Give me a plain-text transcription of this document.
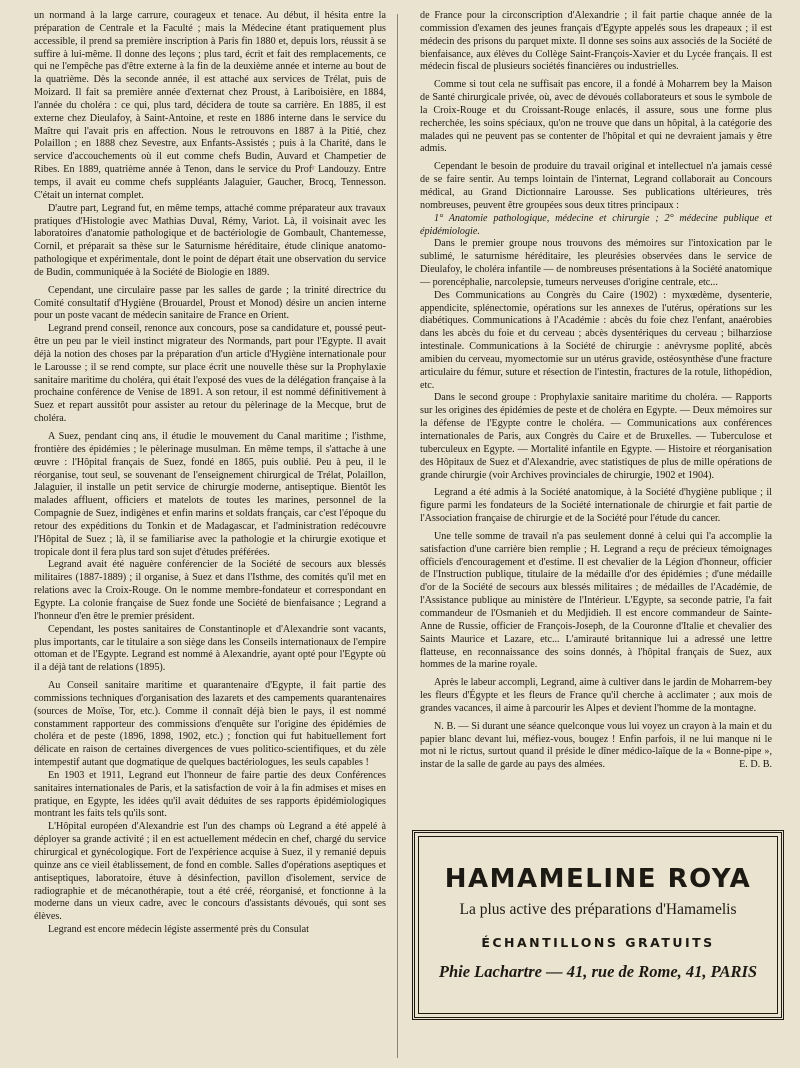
un normand à la large carrure, courageux et tenace. Au début, il hésita entre la préparation de Centrale et la Faculté ; mais la Médecine étant pratiquement plus accessible, il prend sa première inscription à Paris fin 1880 et, depuis lors, réussit à se suffire à lui-même. Il donne des leçons ; plus tard, écrit et fait des remplacements, ce qui ne l'empêche pas d'être externe à la fin de la deuxième année et interne au bout de la quatrième. Dès la seconde année, il est attaché aux services de Trélat, puis de Moizard. Il fait sa première année d'externat chez Proust, à Lariboisière, en 1884, l'année du choléra : ce qui, plus tard, décidera de toute sa carrière. En 1885, il est externe chez Dieulafoy, à Saint-Antoine, et reste en 1886 interne dans le service du Maître qui l'avait pris en affection. Nous le retrouvons en 1887 à la Pitié, chez Polaillon ; en 1888 chez Sevestre, aux Enfants-Assistés ; puis à la Charité, dans le service d'accouchements où il eut comme chefs Budin, Auvard et Champetier de Ribes. En 1889, quatrième année à Tenon, dans le service du Profʳ Landouzy. Entre temps, il avait eu comme chefs suppléants Jalaguier, Gaucher, Brocq, Tennesson. C'était un internat complet.

D'autre part, Legrand fut, en même temps, attaché comme préparateur aux travaux pratiques d'Histologie avec Mathias Duval, Rémy, Variot. Là, il voisinait avec les laboratoires d'anatomie pathologique et de bactériologie de Gombault, Chantemesse, Cornil, et préparait sa thèse sur le Saturnisme héréditaire, étude clinique anatomo-pathologique et expérimentale, dont le point de départ était une observation du service de Budin, communiquée à la Société de Biologie en 1889.

Cependant, une circulaire passe par les salles de garde ; la trinité directrice du Comité consultatif d'Hygiène (Brouardel, Proust et Monod) désire un ancien interne pour un poste vacant de médecin sanitaire de France en Orient.

Legrand prend conseil, renonce aux concours, pose sa candidature et, poussé peut-être un peu par le vieil instinct migrateur des Normands, part pour l'Egypte. Il avait déjà la notion des choses par la préparation d'un article d'Hygiène internationale pour le Larousse ; il se rend compte, sur place écrit une nouvelle thèse sur la Prophylaxie sanitaire maritime du choléra, qui était l'exposé des vues de la délégation française à la prochaine conférence de Venise de 1891. A son retour, il est nommé définitivement à Suez et repart aussitôt pour assister au retour du pèlerinage de la Mecque, brut de choléra.

A Suez, pendant cinq ans, il étudie le mouvement du Canal maritime ; l'isthme, frontière des épidémies ; le pèlerinage musulman. En même temps, il s'attache à une œuvre : l'Hôpital français de Suez, fondé en 1865, puis oublié. Peu à peu, il le réorganise, tout seul, se souvenant de l'enseignement chirurgical de Trélat, Polaillon, Jalaguier, il installe un petit service de chirurgie moderne, antiseptique. Bientôt les malades affluent, officiers et matelots de toutes les marines, personnel de la Compagnie de Suez, indigènes et enfin marins et soldats français, car c'est l'époque du retour des expéditions du Tonkin et de Madagascar, et l'administration redécouvre l'Hôpital de Suez ; là, il se familiarise avec la pathologie et la chirurgie exotique et tropicale dont il fera plus tard son sujet d'études préférées.

Legrand avait été naguère conférencier de la Société de secours aux blessés militaires (1887-1889) ; il organise, à Suez et dans l'Isthme, des comités qu'il met en relations avec la Croix-Rouge. On le nomme membre-fondateur et correspondant en Egypte. La colonie française de Suez fonde une Société de bienfaisance ; Legrand a l'honneur d'en être le premier président.

Cependant, les postes sanitaires de Constantinople et d'Alexandrie sont vacants, plus importants, car le titulaire a son siège dans les Conseils internationaux de l'empire ottoman et de l'Egypte. Legrand est nommé à Alexandrie, ayant opté pour l'Egypte où il a déjà tant de relations (1895).

Au Conseil sanitaire maritime et quarantenaire d'Egypte, il fait partie des commissions techniques d'organisation des lazarets et des campements quarantenaires (sources de Moïse, Tor, etc.). Comme il connaît déjà bien le pays, il est nommé constamment rapporteur des commissions d'enquête sur l'origine des épidémies de choléra et de peste (1896, 1898, 1902, etc.) ; fonction qui fut habituellement fort délicate en raison de certaines divergences de vues politico-scientifiques, et du zèle intempestif autant que dogmatique de quelques bactériologues, les seuls capables !

En 1903 et 1911, Legrand eut l'honneur de faire partie des deux Conférences sanitaires internationales de Paris, et la satisfaction de voir à la fin admises et mises en pratique, en Egypte, les idées qu'il avait déduites de ses rapports épidémiologiques montrant les faits tels qu'ils sont.

L'Hôpital européen d'Alexandrie est l'un des champs où Legrand a été appelé à déployer sa grande activité ; il en est actuellement médecin en chef, chargé du service chirurgical et gynécologique. Fort de l'expérience acquise à Suez, il y remanié depuis quinze ans ce vieil établissement, de fond en comble. Salles d'opérations aseptiques et antiseptiques, laboratoire, étuve à désinfection, pavillon d'isolement, service de radiographie et de mécanothérapie, tout a été créé, réorganisé, et fonctionne à la moderne dans un vieux cadre, avec le concours d'assistants dévoués, qui sont ses élèves.

Legrand est encore médecin légiste assermenté près du Consulat

de France pour la circonscription d'Alexandrie ; il fait partie chaque année de la commission d'examen des jeunes français d'Egypte appelés sous les drapeaux ; il est médecin des prisons du parquet mixte. Il donne ses soins aux associés de la Société de bienfaisance, aux élèves du Collège Saint-François-Xavier et du Lycée français. Il est médecin fiscal de plusieurs sociétés financières ou industrielles.

Comme si tout cela ne suffisait pas encore, il a fondé à Moharrem bey la Maison de Santé chirurgicale privée, où, avec de dévoués collaborateurs et sous le symbole de la Croix-Rouge et du Croissant-Rouge enlacés, il assure, sous une forme plus recherchée, les soins spéciaux, qu'on ne trouve que dans un hôpital, à la catégorie des malades qui ne peuvent pas se contenter de l'hôpital et qui ne devraient jamais y être admis.

Cependant le besoin de produire du travail original et intellectuel n'a jamais cessé de se faire sentir. Au temps lointain de l'internat, Legrand collaborait au Concours médical, au Grand Dictionnaire Larousse. Ses publications ultérieures, très nombreuses, peuvent être groupées sous deux titres principaux :

1° Anatomie pathologique, médecine et chirurgie ; 2° médecine publique et épidémiologie.

Dans le premier groupe nous trouvons des mémoires sur l'intoxication par le sublimé, le saturnisme héréditaire, les pleurésies observées dans le service de Dieulafoy, le choléra infantile — de nombreuses présentations à la Société anatomique — porencéphalie, narcolepsie, tumeurs nerveuses d'origine centrale, etc...

Des Communications au Congrès du Caire (1902) : myxœdème, dysenterie, appendicite, splénectomie, opérations sur les annexes de l'utérus, opérations sur les diabétiques. Communications à l'Académie : abcès du foie chez l'enfant, anaérobies dans les abcès du foie et du cerveau ; abcès dysentériques du cerveau ; bilharziose intestinale. Communications à la Société de chirurgie : anévrysme poplité, abcès amibien du cerveau, myomectomie sur un utérus gravide, ostéosynthèse d'une fracture articulaire du fémur, suture et résection de l'intestin, fractures de la rotule, lithopédion, etc.

Dans le second groupe : Prophylaxie sanitaire maritime du choléra. — Rapports sur les origines des épidémies de peste et de choléra en Egypte. — Deux mémoires sur la défense de l'Egypte contre le choléra. — Communications aux conférences internationales de Paris, aux Congrès du Caire et de Bruxelles. — Tuberculose et tuberculeux en Egypte. — Mortalité infantile en Egypte. — Histoire et réorganisation des Hôpitaux de Suez et d'Alexandrie, avec statistiques de plus de mille opérations de grande chirurgie (voir Archives provinciales de chirurgie, 1902 et 1904).

Legrand a été admis à la Société anatomique, à la Société d'hygiène publique ; il figure parmi les fondateurs de la Société internationale de chirurgie et fait partie de l'Association française de chirurgie et de la Société pour l'étude du cancer.

Une telle somme de travail n'a pas seulement donné à celui qui l'a accomplie la satisfaction d'une carrière bien remplie ; H. Legrand a reçu de précieux témoignages officiels d'encouragement et d'estime. Il est chevalier de la Légion d'honneur, officier de l'Instruction publique, titulaire de la médaille d'or des épidémies ; d'une médaille d'or de la Société de secours aux blessés militaires ; de médailles de l'Académie, de l'Assistance publique au ministère de l'Intérieur. L'Egypte, sa seconde patrie, l'a fait commandeur de l'Osmanieh et du Medjidieh. Il est encore commandeur de Sainte-Anne de Russie, officier de François-Joseph, de la Couronne d'Italie et chevalier des Saints Maurice et Lazare, etc... L'amirauté britannique lui a adressé une lettre flatteuse, en reconnaissance des soins donnés, à l'hôpital français de Suez, aux hommes de la marine royale.

Après le labeur accompli, Legrand, aime à cultiver dans le jardin de Moharrem-bey les fleurs d'Égypte et les fleurs de France qu'il cherche à acclimater ; aux mois de grandes vacances, il aime à parcourir les Alpes et devient l'homme de la montagne.

N. B. — Si durant une séance quelconque vous lui voyez un crayon à la main et du papier blanc devant lui, méfiez-vous, bougez ! Enfin parfois, il ne lui manque ni le mot ni le rictus, surtout quand il préside le dîner médico-laïque de la « Bonne-pipe », instar de la salle de garde au pays des almées.	E. D. B.

HAMAMELINE ROYA
La plus active des préparations d'Hamamelis
ÉCHANTILLONS GRATUITS
Phie Lachartre — 41, rue de Rome, 41, PARIS
